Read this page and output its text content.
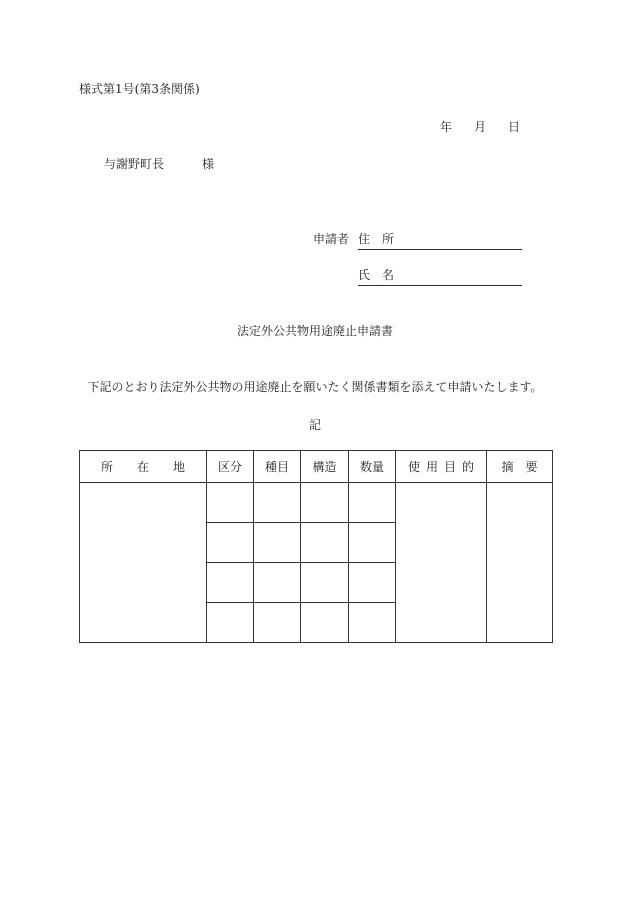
様式第1号(第3条関係)
年 月 日
与謝野町長	様
申請者 住　所
氏　名
法定外公共物用途廃止申請書
下記のとおり法定外公共物の用途廃止を願いたく関係書類を添えて申請いたします。
記
所　　在　　地	区分	種目	構造	数量	使 用 目 的	摘　要
